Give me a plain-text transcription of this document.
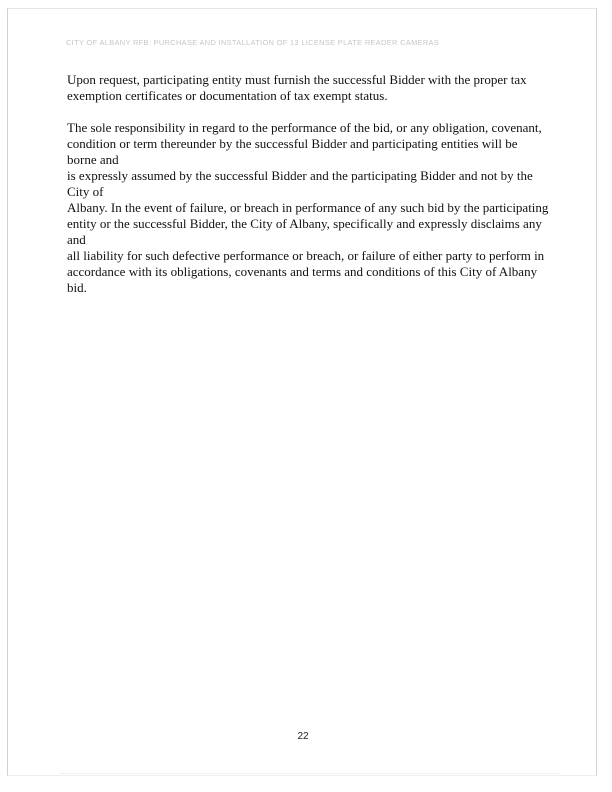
CITY OF ALBANY RFB: PURCHASE AND INSTALLATION OF 13 LICENSE PLATE READER CAMERAS

Upon request, participating entity must furnish the successful Bidder with the proper tax
exemption certificates or documentation of tax exempt status.

The sole responsibility in regard to the performance of the bid, or any obligation, covenant,
condition or term thereunder by the successful Bidder and participating entities will be borne and
is expressly assumed by the successful Bidder and the participating Bidder and not by the City of
Albany. In the event of failure, or breach in performance of any such bid by the participating
entity or the successful Bidder, the City of Albany, specifically and expressly disclaims any and
all liability for such defective performance or breach, or failure of either party to perform in
accordance with its obligations, covenants and terms and conditions of this City of Albany bid.

22
